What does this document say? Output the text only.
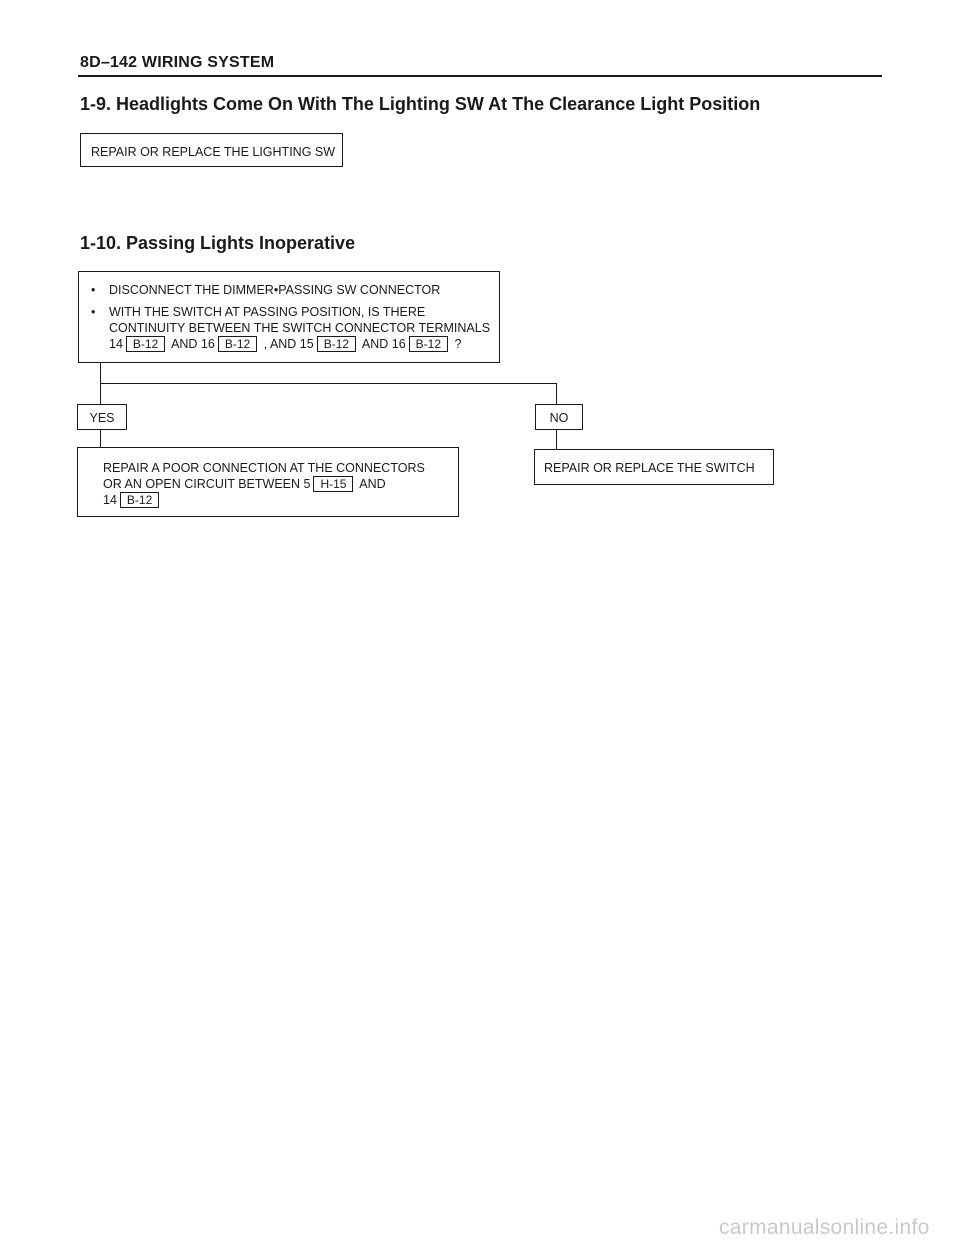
8D–142 WIRING SYSTEM
1-9. Headlights Come On With The Lighting SW At The Clearance Light Position
REPAIR OR REPLACE THE LIGHTING SW
1-10. Passing Lights Inoperative
• DISCONNECT THE DIMMER•PASSING SW CONNECTOR
• WITH THE SWITCH AT PASSING POSITION, IS THERE
CONTINUITY BETWEEN THE SWITCH CONNECTOR TERMINALS
14 B-12 AND 16 B-12 , AND 15 B-12 AND 16 B-12 ?
YES	NO
REPAIR A POOR CONNECTION AT THE CONNECTORS
OR AN OPEN CIRCUIT BETWEEN 5 H-15 AND
14 B-12
REPAIR OR REPLACE THE SWITCH
carmanualsonline.info
